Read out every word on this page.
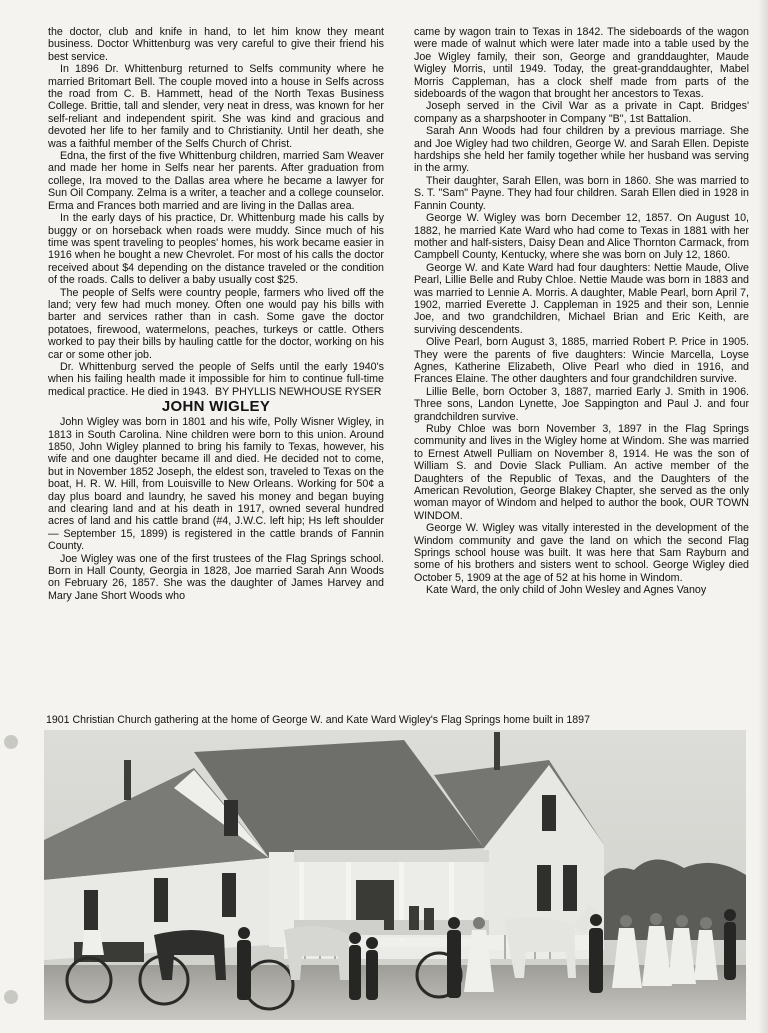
the doctor, club and knife in hand, to let him know they meant business. Doctor Whittenburg was very careful to give their friend his best service.

In 1896 Dr. Whittenburg returned to Selfs community where he married Britomart Bell. The couple moved into a house in Selfs across the road from C. B. Hammett, head of the North Texas Business College. Brittie, tall and slender, very neat in dress, was known for her self-reliant and independent spirit. She was kind and gracious and devoted her life to her family and to Christianity. Until her death, she was a faithful member of the Selfs Church of Christ.

Edna, the first of the five Whittenburg children, married Sam Weaver and made her home in Selfs near her parents. After graduation from college, Ira moved to the Dallas area where he became a lawyer for Sun Oil Company. Zelma is a writer, a teacher and a college counselor. Erma and Frances both married and are living in the Dallas area.

In the early days of his practice, Dr. Whittenburg made his calls by buggy or on horseback when roads were muddy. Since much of his time was spent traveling to peoples' homes, his work became easier in 1916 when he bought a new Chevrolet. For most of his calls the doctor received about $4 depending on the distance traveled or the condition of the roads. Calls to deliver a baby usually cost $25.

The people of Selfs were country people, farmers who lived off the land; very few had much money. Often one would pay his bills with barter and services rather than in cash. Some gave the doctor potatoes, firewood, watermelons, peaches, turkeys or cattle. Others worked to pay their bills by hauling cattle for the doctor, working on his car or some other job.

Dr. Whittenburg served the people of Selfs until the early 1940's when his failing health made it impossible for him to continue full-time medical practice. He died in 1943. BY PHYLLIS NEWHOUSE RYSER

JOHN WIGLEY

John Wigley was born in 1801 and his wife, Polly Wisner Wigley, in 1813 in South Carolina. Nine children were born to this union. Around 1850, John Wigley planned to bring his family to Texas, however, his wife and one daughter became ill and died. He decided not to come, but in November 1852 Joseph, the eldest son, traveled to Texas on the boat, H. R. W. Hill, from Louisville to New Orleans. Working for 50¢ a day plus board and laundry, he saved his money and began buying and clearing land and at his death in 1917, owned several hundred acres of land and his cattle brand (#4, J.W.C. left hip; Hs left shoulder — September 15, 1899) is registered in the cattle brands of Fannin County.

Joe Wigley was one of the first trustees of the Flag Springs school. Born in Hall County, Georgia in 1828, Joe married Sarah Ann Woods on February 26, 1857. She was the daughter of James Harvey and Mary Jane Short Woods who

came by wagon train to Texas in 1842. The sideboards of the wagon were made of walnut which were later made into a table used by the Joe Wigley family, their son, George and granddaughter, Maude Wigley Morris, until 1949. Today, the great-granddaughter, Mabel Morris Cappleman, has a clock shelf made from parts of the sideboards of the wagon that brought her ancestors to Texas.

Joseph served in the Civil War as a private in Capt. Bridges' company as a sharpshooter in Company "B", 1st Battalion.

Sarah Ann Woods had four children by a previous marriage. She and Joe Wigley had two children, George W. and Sarah Ellen. Depiste hardships she held her family together while her husband was serving in the army.

Their daughter, Sarah Ellen, was born in 1860. She was married to S. T. "Sam" Payne. They had four children. Sarah Ellen died in 1928 in Fannin County.

George W. Wigley was born December 12, 1857. On August 10, 1882, he married Kate Ward who had come to Texas in 1881 with her mother and half-sisters, Daisy Dean and Alice Thornton Carmack, from Campbell County, Kentucky, where she was born on July 12, 1860.

George W. and Kate Ward had four daughters: Nettie Maude, Olive Pearl, Lillie Belle and Ruby Chloe. Nettie Maude was born in 1883 and was married to Lennie A. Morris. A daughter, Mable Pearl, born April 7, 1902, married Everette J. Cappleman in 1925 and their son, Lennie Joe, and two grandchildren, Michael Brian and Eric Keith, are surviving descendents.

Olive Pearl, born August 3, 1885, married Robert P. Price in 1905. They were the parents of five daughters: Wincie Marcella, Loyse Agnes, Katherine Elizabeth, Olive Pearl who died in 1916, and Frances Elaine. The other daughters and four grandchildren survive.

Lillie Belle, born October 3, 1887, married Early J. Smith in 1906. Three sons, Landon Lynette, Joe Sappington and Paul J. and four grandchildren survive.

Ruby Chloe was born November 3, 1897 in the Flag Springs community and lives in the Wigley home at Windom. She was married to Ernest Atwell Pulliam on November 8, 1914. He was the son of William S. and Dovie Slack Pulliam. An active member of the Daughters of the Republic of Texas, and the Daughters of the American Revolution, George Blakey Chapter, she served as the only woman mayor of Windom and helped to author the book, OUR TOWN WINDOM.

George W. Wigley was vitally interested in the development of the Windom community and gave the land on which the second Flag Springs school house was built. It was here that Sam Rayburn and some of his brothers and sisters went to school. George Wigley died October 5, 1909 at the age of 52 at his home in Windom.

Kate Ward, the only child of John Wesley and Agnes Vanoy

1901 Christian Church gathering at the home of George W. and Kate Ward Wigley's Flag Springs home built in 1897
